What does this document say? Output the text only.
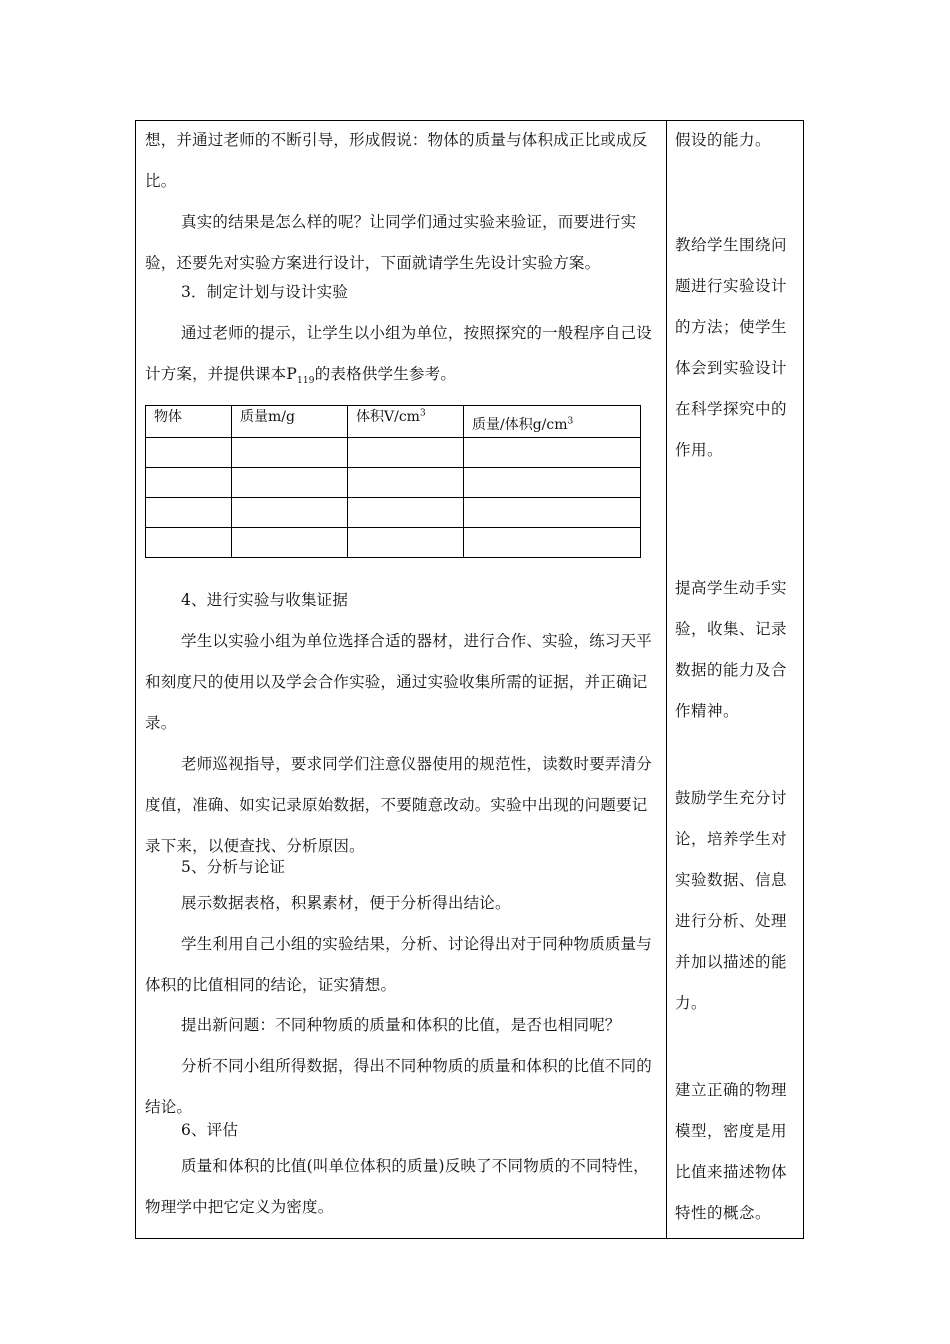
想，并通过老师的不断引导，形成假说：物体的质量与体积成正比或成反比。
真实的结果是怎么样的呢？让同学们通过实验来验证，而要进行实验，还要先对实验方案进行设计，下面就请学生先设计实验方案。
3．制定计划与设计实验
通过老师的提示，让学生以小组为单位，按照探究的一般程序自己设计方案，并提供课本$P_{119}$的表格供学生参考。
4、进行实验与收集证据
学生以实验小组为单位选择合适的器材，进行合作、实验，练习天平和刻度尺的使用以及学会合作实验，通过实验收集所需的证据，并正确记录。
老师巡视指导，要求同学们注意仪器使用的规范性，读数时要弄清分度值，准确、如实记录原始数据，不要随意改动。实验中出现的问题要记录下来，以便查找、分析原因。
5、分析与论证
展示数据表格，积累素材，便于分析得出结论。
学生利用自己小组的实验结果，分析、讨论得出对于同种物质质量与体积的比值相同的结论，证实猜想。
提出新问题：不同种物质的质量和体积的比值，是否也相同呢？
分析不同小组所得数据，得出不同种物质的质量和体积的比值不同的结论。
6、评估
质量和体积的比值(叫单位体积的质量)反映了不同物质的不同特性，物理学中把它定义为密度。
物体	质量m/g	体积$V/cm^3$	质量/体积$g/cm^3$

假设的能力。
教给学生围绕问题进行实验设计的方法；使学生体会到实验设计在科学探究中的作用。
提高学生动手实验，收集、记录数据的能力及合作精神。
鼓励学生充分讨论，培养学生对实验数据、信息进行分析、处理并加以描述的能力。
建立正确的物理模型，密度是用比值来描述物体特性的概念。
